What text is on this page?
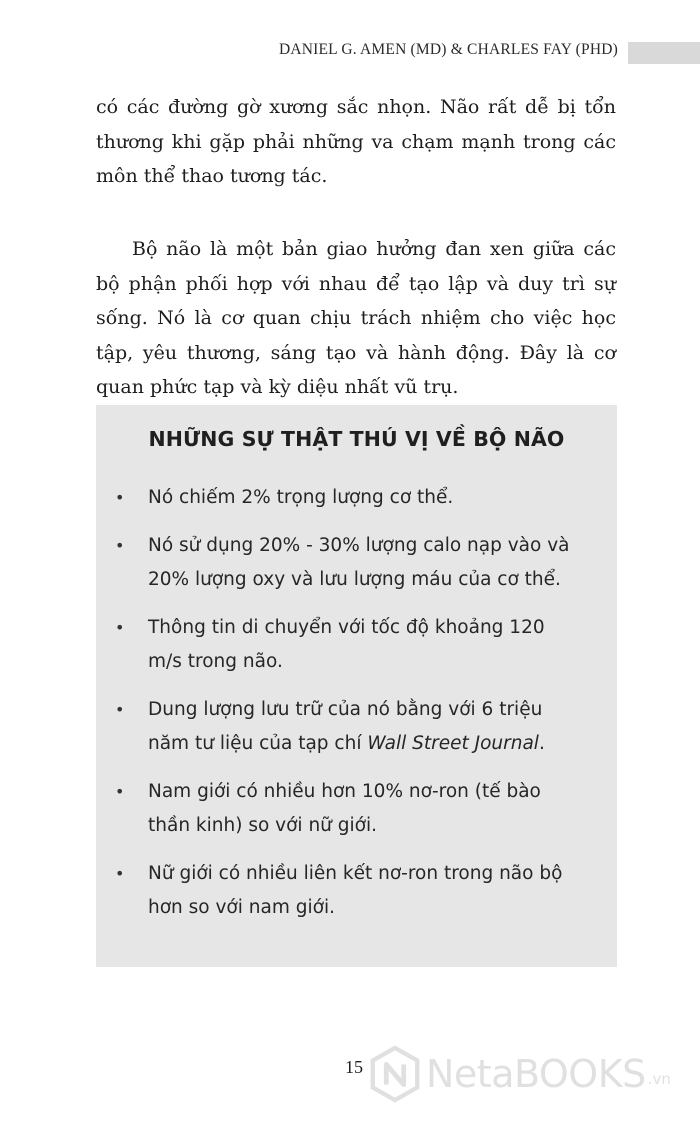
DANIEL G. AMEN (MD) & CHARLES FAY (PHD)
có các đường gờ xương sắc nhọn. Não rất dễ bị tổn thương khi gặp phải những va chạm mạnh trong các môn thể thao tương tác.
Bộ não là một bản giao hưởng đan xen giữa các bộ phận phối hợp với nhau để tạo lập và duy trì sự sống. Nó là cơ quan chịu trách nhiệm cho việc học tập, yêu thương, sáng tạo và hành động. Đây là cơ quan phức tạp và kỳ diệu nhất vũ trụ.
NHỮNG SỰ THẬT THÚ VỊ VỀ BỘ NÃO
• Nó chiếm 2% trọng lượng cơ thể.
• Nó sử dụng 20% - 30% lượng calo nạp vào và 20% lượng oxy và lưu lượng máu của cơ thể.
• Thông tin di chuyển với tốc độ khoảng 120 m/s trong não.
• Dung lượng lưu trữ của nó bằng với 6 triệu năm tư liệu của tạp chí Wall Street Journal.
• Nam giới có nhiều hơn 10% nơ-ron (tế bào thần kinh) so với nữ giới.
• Nữ giới có nhiều liên kết nơ-ron trong não bộ hơn so với nam giới.
15 NetaBOOKS .vn
